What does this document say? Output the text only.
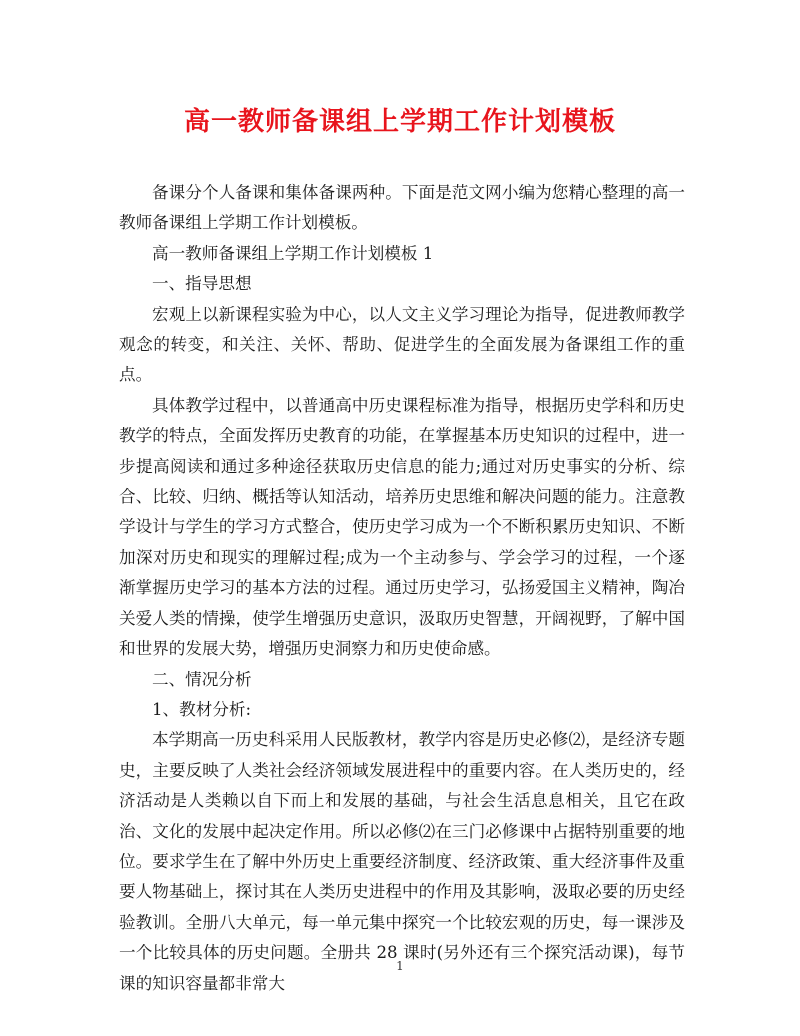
高一教师备课组上学期工作计划模板

备课分个人备课和集体备课两种。下面是范文网小编为您精心整理的高一教师备课组上学期工作计划模板。

高一教师备课组上学期工作计划模板 1

一、指导思想

宏观上以新课程实验为中心，以人文主义学习理论为指导，促进教师教学观念的转变，和关注、关怀、帮助、促进学生的全面发展为备课组工作的重点。

具体教学过程中，以普通高中历史课程标准为指导，根据历史学科和历史教学的特点，全面发挥历史教育的功能，在掌握基本历史知识的过程中，进一步提高阅读和通过多种途径获取历史信息的能力;通过对历史事实的分析、综合、比较、归纳、概括等认知活动，培养历史思维和解决问题的能力。注意教学设计与学生的学习方式整合，使历史学习成为一个不断积累历史知识、不断加深对历史和现实的理解过程;成为一个主动参与、学会学习的过程，一个逐渐掌握历史学习的基本方法的过程。通过历史学习，弘扬爱国主义精神，陶冶关爱人类的情操，使学生增强历史意识，汲取历史智慧，开阔视野，了解中国和世界的发展大势，增强历史洞察力和历史使命感。

二、情况分析

1、教材分析:

本学期高一历史科采用人民版教材，教学内容是历史必修⑵，是经济专题史，主要反映了人类社会经济领域发展进程中的重要内容。在人类历史的，经济活动是人类赖以自下而上和发展的基础，与社会生活息息相关，且它在政治、文化的发展中起决定作用。所以必修⑵在三门必修课中占据特别重要的地位。要求学生在了解中外历史上重要经济制度、经济政策、重大经济事件及重要人物基础上，探讨其在人类历史进程中的作用及其影响，汲取必要的历史经验教训。全册八大单元，每一单元集中探究一个比较宏观的历史，每一课涉及一个比较具体的历史问题。全册共 28 课时(另外还有三个探究活动课)，每节课的知识容量都非常大

1
